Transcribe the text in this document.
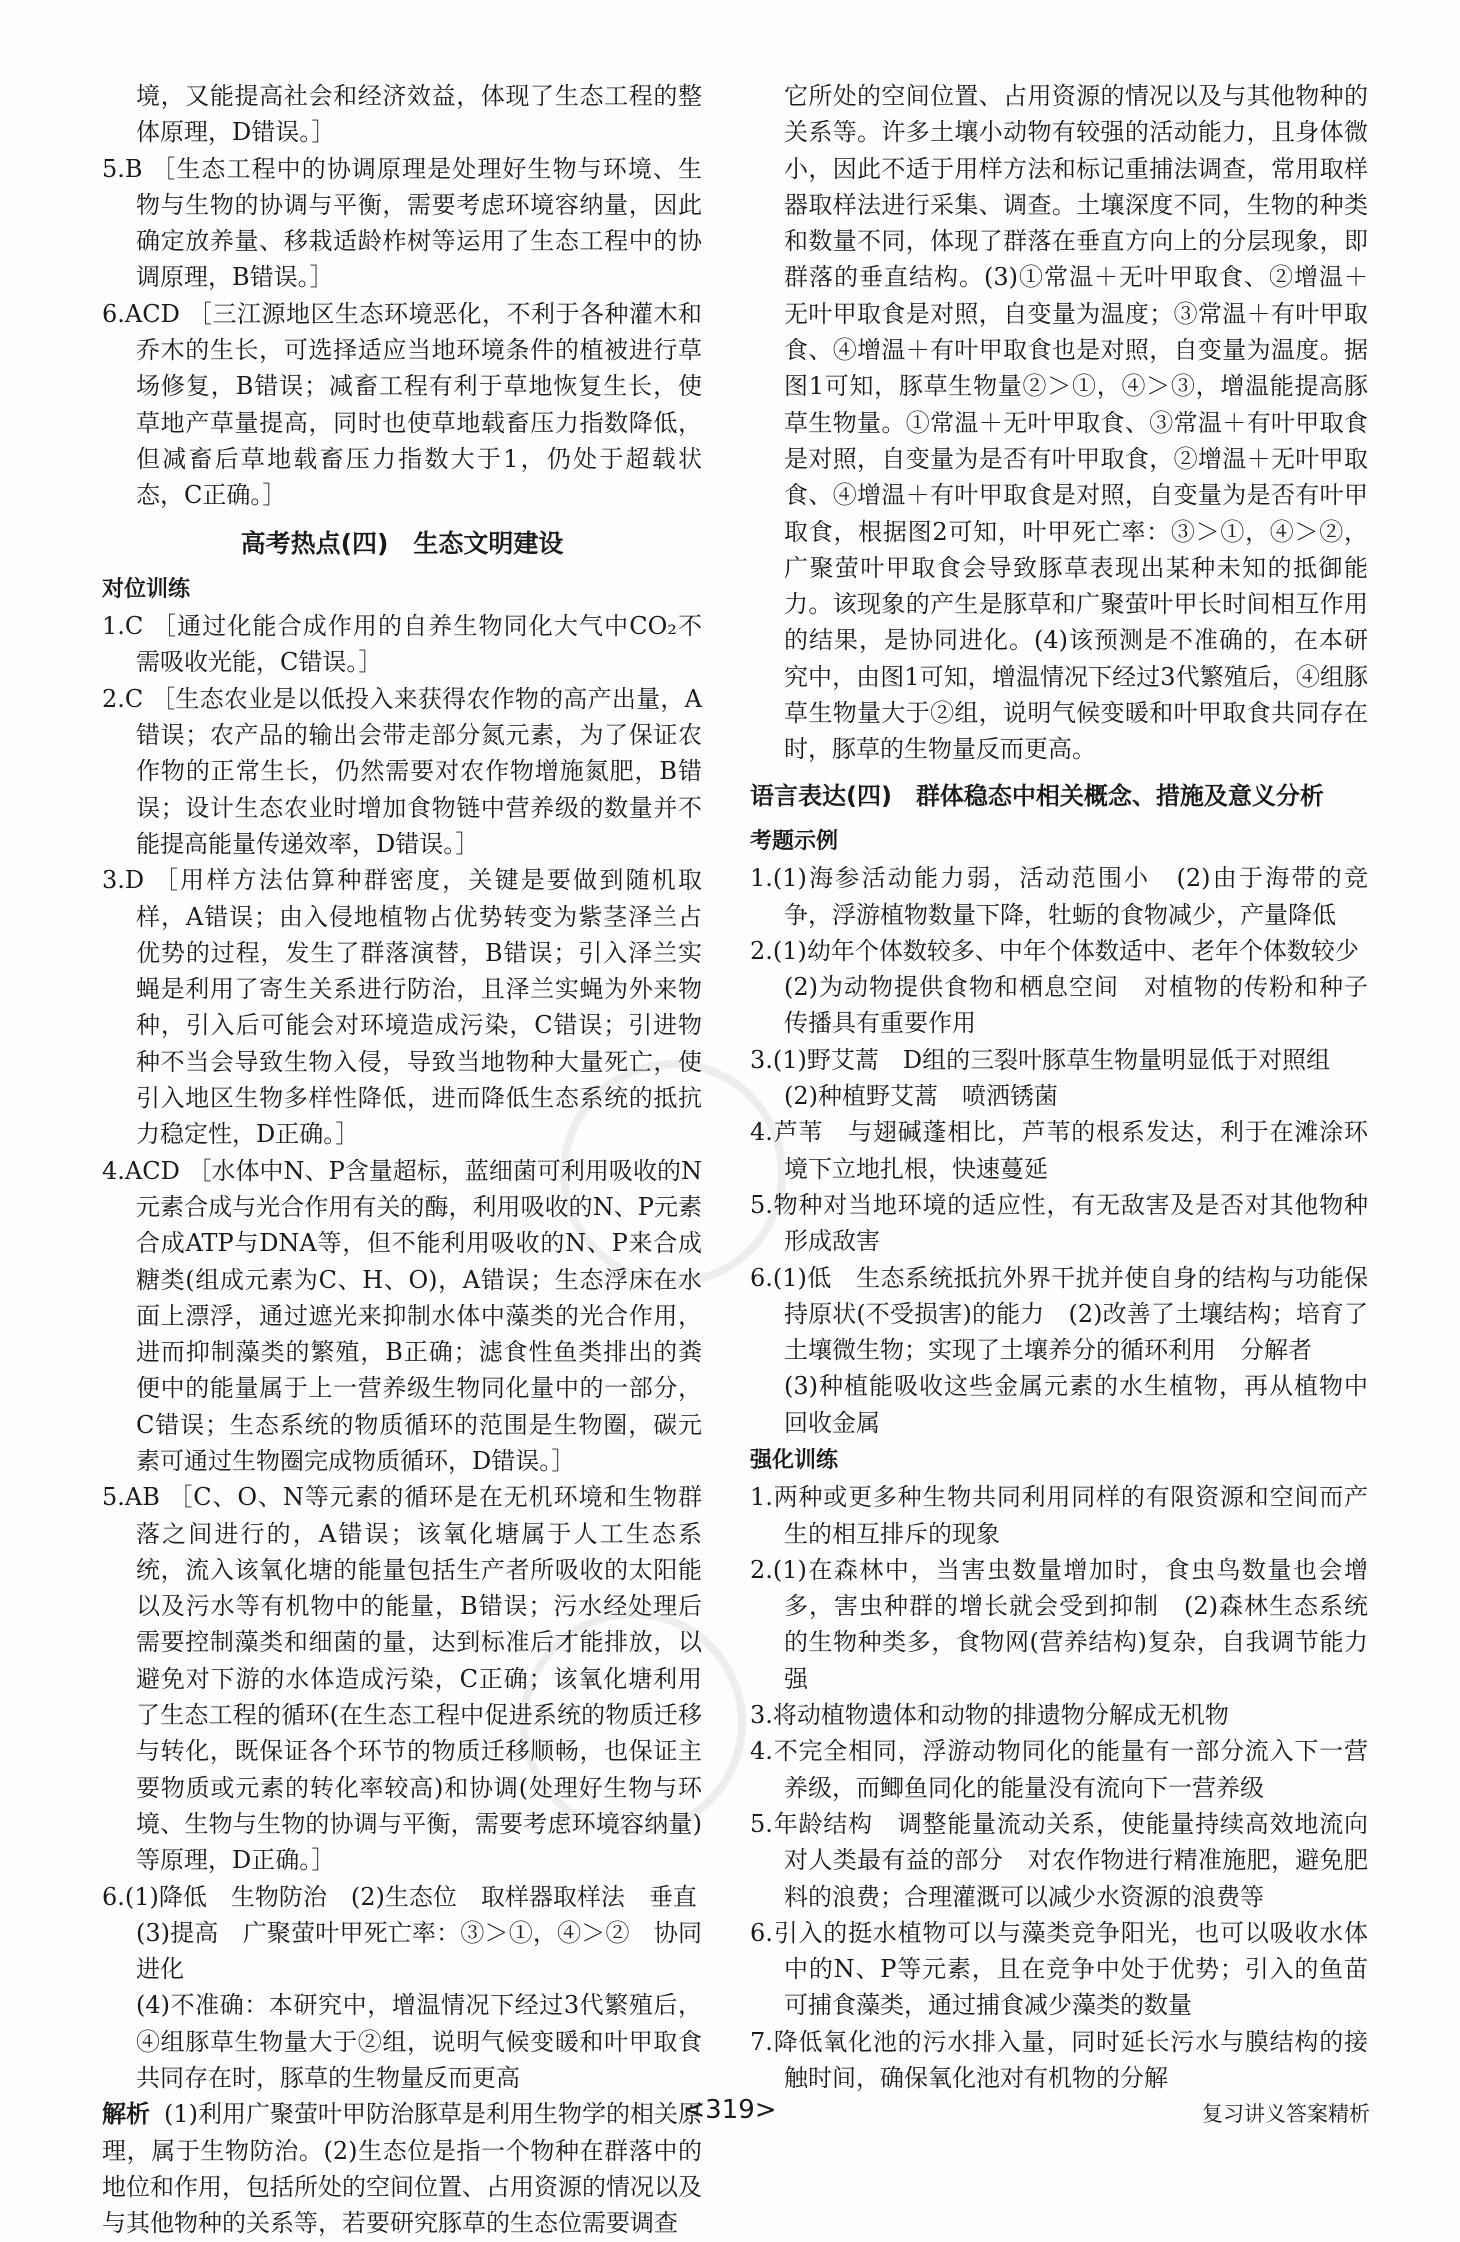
境，又能提高社会和经济效益，体现了生态工程的整体原理，D错误。］

5.B ［生态工程中的协调原理是处理好生物与环境、生物与生物的协调与平衡，需要考虑环境容纳量，因此确定放养量、移栽适龄柞树等运用了生态工程中的协调原理，B错误。］

6.ACD ［三江源地区生态环境恶化，不利于各种灌木和乔木的生长，可选择适应当地环境条件的植被进行草场修复，B错误；减畜工程有利于草地恢复生长，使草地产草量提高，同时也使草地载畜压力指数降低，但减畜后草地载畜压力指数大于1，仍处于超载状态，C正确。］

高考热点(四)　生态文明建设

对位训练

1.C ［通过化能合成作用的自养生物同化大气中CO₂不需吸收光能，C错误。］

2.C ［生态农业是以低投入来获得农作物的高产出量，A错误；农产品的输出会带走部分氮元素，为了保证农作物的正常生长，仍然需要对农作物增施氮肥，B错误；设计生态农业时增加食物链中营养级的数量并不能提高能量传递效率，D错误。］

3.D ［用样方法估算种群密度，关键是要做到随机取样，A错误；由入侵地植物占优势转变为紫茎泽兰占优势的过程，发生了群落演替，B错误；引入泽兰实蝇是利用了寄生关系进行防治，且泽兰实蝇为外来物种，引入后可能会对环境造成污染，C错误；引进物种不当会导致生物入侵，导致当地物种大量死亡，使引入地区生物多样性降低，进而降低生态系统的抵抗力稳定性，D正确。］

4.ACD ［水体中N、P含量超标，蓝细菌可利用吸收的N元素合成与光合作用有关的酶，利用吸收的N、P元素合成ATP与DNA等，但不能利用吸收的N、P来合成糖类(组成元素为C、H、O)，A错误；生态浮床在水面上漂浮，通过遮光来抑制水体中藻类的光合作用，进而抑制藻类的繁殖，B正确；滤食性鱼类排出的粪便中的能量属于上一营养级生物同化量中的一部分，C错误；生态系统的物质循环的范围是生物圈，碳元素可通过生物圈完成物质循环，D错误。］

5.AB ［C、O、N等元素的循环是在无机环境和生物群落之间进行的，A错误；该氧化塘属于人工生态系统，流入该氧化塘的能量包括生产者所吸收的太阳能以及污水等有机物中的能量，B错误；污水经处理后需要控制藻类和细菌的量，达到标准后才能排放，以避免对下游的水体造成污染，C正确；该氧化塘利用了生态工程的循环(在生态工程中促进系统的物质迁移与转化，既保证各个环节的物质迁移顺畅，也保证主要物质或元素的转化率较高)和协调(处理好生物与环境、生物与生物的协调与平衡，需要考虑环境容纳量)等原理，D正确。］

6.(1)降低　生物防治　(2)生态位　取样器取样法　垂直

(3)提高　广聚萤叶甲死亡率：③＞①，④＞②　协同进化

(4)不准确：本研究中，增温情况下经过3代繁殖后，④组豚草生物量大于②组，说明气候变暖和叶甲取食共同存在时，豚草的生物量反而更高

解析 (1)利用广聚萤叶甲防治豚草是利用生物学的相关原理，属于生物防治。(2)生态位是指一个物种在群落中的地位和作用，包括所处的空间位置、占用资源的情况以及与其他物种的关系等，若要研究豚草的生态位需要调查

它所处的空间位置、占用资源的情况以及与其他物种的关系等。许多土壤小动物有较强的活动能力，且身体微小，因此不适于用样方法和标记重捕法调查，常用取样器取样法进行采集、调查。土壤深度不同，生物的种类和数量不同，体现了群落在垂直方向上的分层现象，即群落的垂直结构。(3)①常温＋无叶甲取食、②增温＋无叶甲取食是对照，自变量为温度；③常温＋有叶甲取食、④增温＋有叶甲取食也是对照，自变量为温度。据图1可知，豚草生物量②＞①，④＞③，增温能提高豚草生物量。①常温＋无叶甲取食、③常温＋有叶甲取食是对照，自变量为是否有叶甲取食，②增温＋无叶甲取食、④增温＋有叶甲取食是对照，自变量为是否有叶甲取食，根据图2可知，叶甲死亡率：③＞①，④＞②，广聚萤叶甲取食会导致豚草表现出某种未知的抵御能力。该现象的产生是豚草和广聚萤叶甲长时间相互作用的结果，是协同进化。(4)该预测是不准确的，在本研究中，由图1可知，增温情况下经过3代繁殖后，④组豚草生物量大于②组，说明气候变暖和叶甲取食共同存在时，豚草的生物量反而更高。

语言表达(四)　群体稳态中相关概念、措施及意义分析

考题示例

1.(1)海参活动能力弱，活动范围小　(2)由于海带的竞争，浮游植物数量下降，牡蛎的食物减少，产量降低

2.(1)幼年个体数较多、中年个体数适中、老年个体数较少

(2)为动物提供食物和栖息空间　对植物的传粉和种子传播具有重要作用

3.(1)野艾蒿　D组的三裂叶豚草生物量明显低于对照组

(2)种植野艾蒿　喷洒锈菌

4.芦苇　与翅碱蓬相比，芦苇的根系发达，利于在滩涂环境下立地扎根，快速蔓延

5.物种对当地环境的适应性，有无敌害及是否对其他物种形成敌害

6.(1)低　生态系统抵抗外界干扰并使自身的结构与功能保持原状(不受损害)的能力　(2)改善了土壤结构；培育了土壤微生物；实现了土壤养分的循环利用　分解者

(3)种植能吸收这些金属元素的水生植物，再从植物中回收金属

强化训练

1.两种或更多种生物共同利用同样的有限资源和空间而产生的相互排斥的现象

2.(1)在森林中，当害虫数量增加时，食虫鸟数量也会增多，害虫种群的增长就会受到抑制　(2)森林生态系统的生物种类多，食物网(营养结构)复杂，自我调节能力强

3.将动植物遗体和动物的排遗物分解成无机物

4.不完全相同，浮游动物同化的能量有一部分流入下一营养级，而鲫鱼同化的能量没有流向下一营养级

5.年龄结构　调整能量流动关系，使能量持续高效地流向对人类最有益的部分　对农作物进行精准施肥，避免肥料的浪费；合理灌溉可以减少水资源的浪费等

6.引入的挺水植物可以与藻类竞争阳光，也可以吸收水体中的N、P等元素，且在竞争中处于优势；引入的鱼苗可捕食藻类，通过捕食减少藻类的数量

7.降低氧化池的污水排入量，同时延长污水与膜结构的接触时间，确保氧化池对有机物的分解

<319>	复习讲义答案精析
